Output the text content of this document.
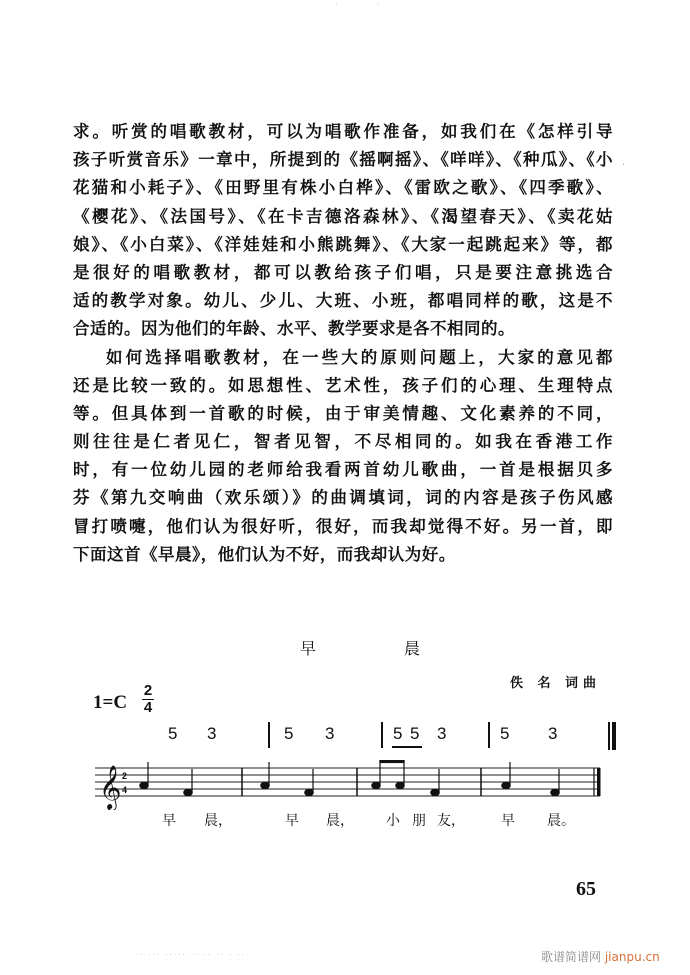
· ·
·
求。听赏的唱歌教材，可以为唱歌作准备，如我们在《怎样引导
孩子听赏音乐》一章中，所提到的《摇啊摇》、《咩咩》、《种瓜》、《小
花猫和小耗子》、《田野里有株小白桦》、《雷欧之歌》、《四季歌》、
《樱花》、《法国号》、《在卡吉德洛森林》、《渴望春天》、《卖花姑
娘》、《小白菜》、《洋娃娃和小熊跳舞》、《大家一起跳起来》等，都
是很好的唱歌教材，都可以教给孩子们唱，只是要注意挑选合
适的教学对象。幼儿、少儿、大班、小班，都唱同样的歌，这是不
合适的。因为他们的年龄、水平、教学要求是各不相同的。
如何选择唱歌教材，在一些大的原则问题上，大家的意见都
还是比较一致的。如思想性、艺术性，孩子们的心理、生理特点
等。但具体到一首歌的时候，由于审美情趣、文化素养的不同，
则往往是仁者见仁，智者见智，不尽相同的。如我在香港工作
时，有一位幼儿园的老师给我看两首幼儿歌曲，一首是根据贝多
芬《第九交响曲（欢乐颂）》的曲调填词，词的内容是孩子伤风感
冒打喷嚏，他们认为很好听，很好，而我却觉得不好。另一首，即
下面这首《早晨》，他们认为不好，而我却认为好。
早	晨
佚 名 词曲
1=C
2
4
5 3	5 3	5 5 3	5 3
𝄞 2
4
早 晨，	早 晨， 小 朋 友，	早 晨。
65
·· ··· ····· ·· ·· ·· · ··	歌谱简谱网 jianpu.cn
